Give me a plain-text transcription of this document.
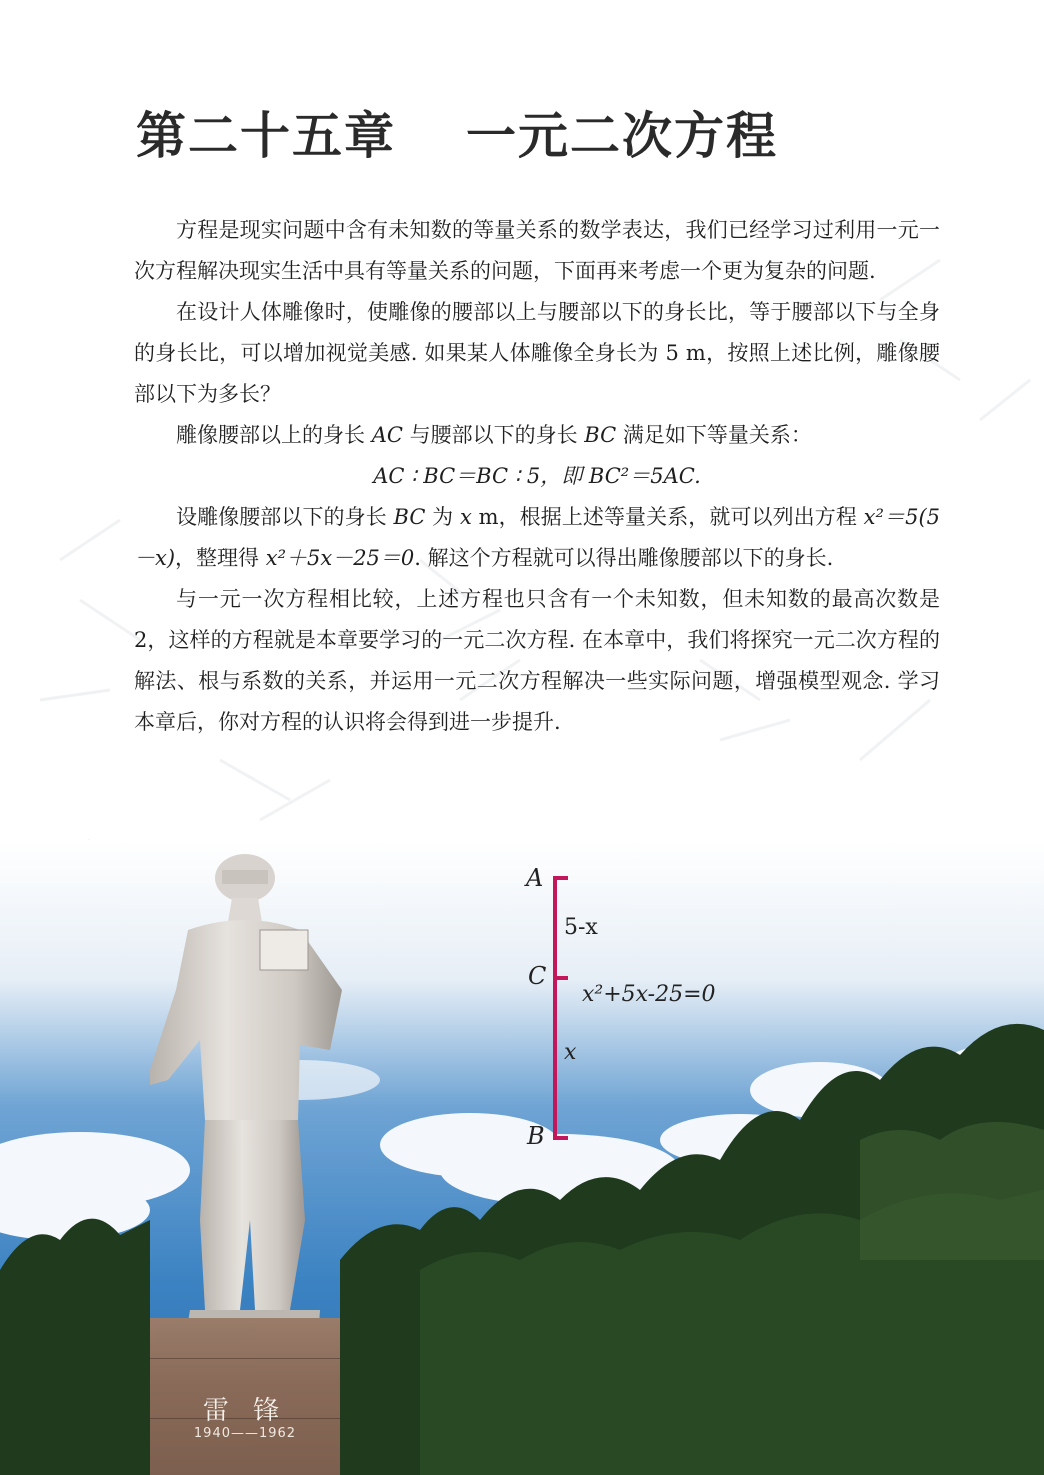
第二十五章 一元二次方程

方程是现实问题中含有未知数的等量关系的数学表达，我们已经学习过利用一元一次方程解决现实生活中具有等量关系的问题，下面再来考虑一个更为复杂的问题.

在设计人体雕像时，使雕像的腰部以上与腰部以下的身长比，等于腰部以下与全身的身长比，可以增加视觉美感. 如果某人体雕像全身长为 5 m，按照上述比例，雕像腰部以下为多长？

雕像腰部以上的身长 AC 与腰部以下的身长 BC 满足如下等量关系：

AC ∶ BC＝BC ∶ 5，即 BC²＝5AC.

设雕像腰部以下的身长 BC 为 x m，根据上述等量关系，就可以列出方程 x²＝5(5－x)，整理得 x²＋5x－25＝0. 解这个方程就可以得出雕像腰部以下的身长.

与一元一次方程相比较，上述方程也只含有一个未知数，但未知数的最高次数是 2，这样的方程就是本章要学习的一元二次方程. 在本章中，我们将探究一元二次方程的解法、根与系数的关系，并运用一元二次方程解决一些实际问题，增强模型观念. 学习本章后，你对方程的认识将会得到进一步提升.

雷 锋
1940——1962
A
C
B
5-x
x
x²+5x-25=0
